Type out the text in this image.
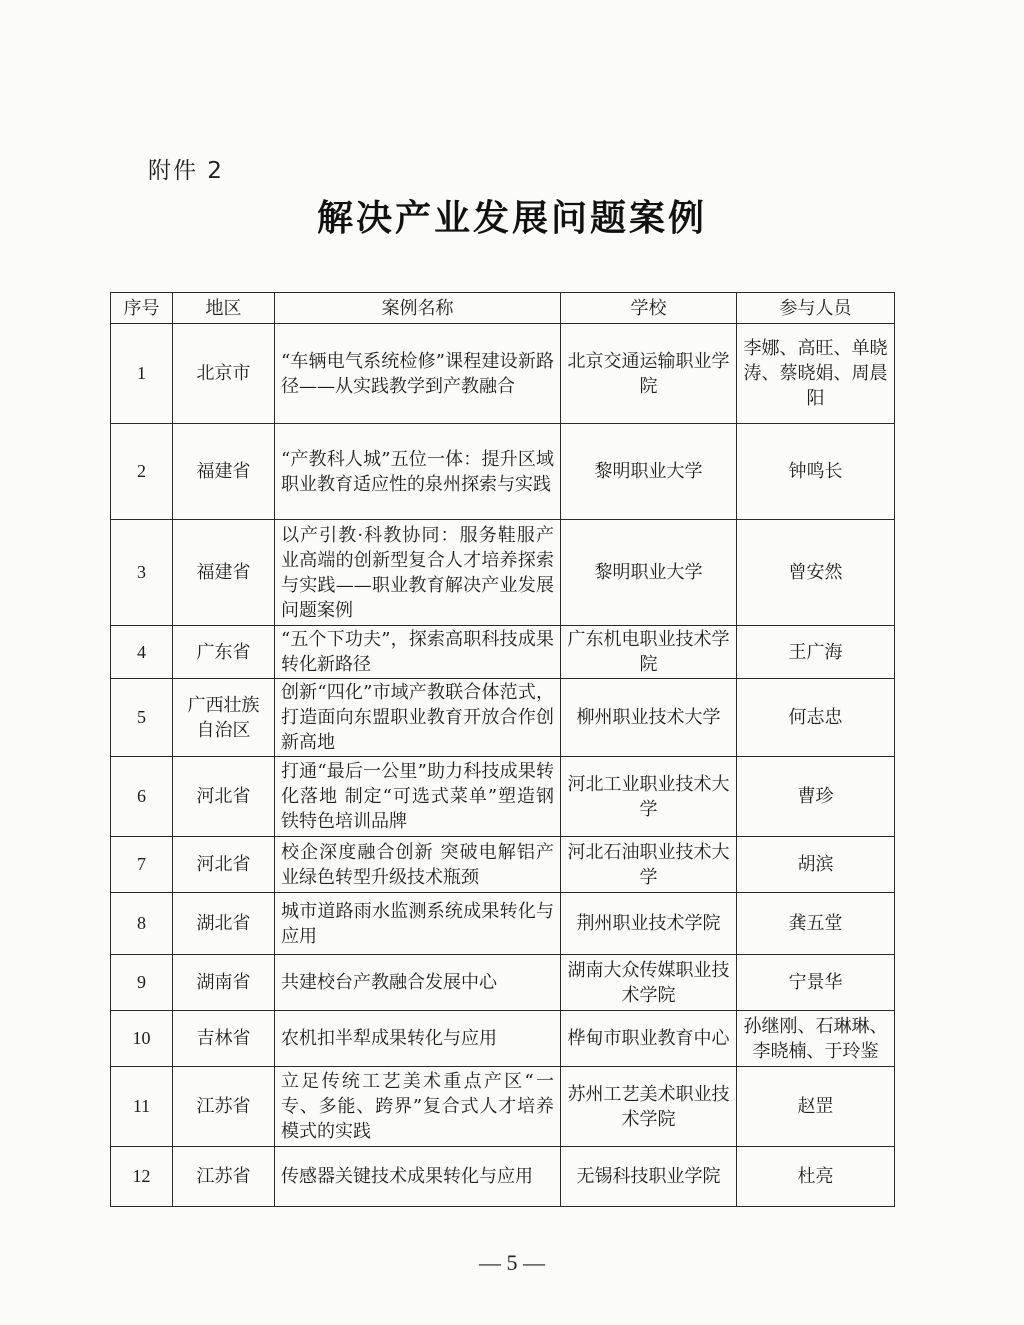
附件 2
解决产业发展问题案例
序号	地区	案例名称	学校	参与人员
1	北京市	“车辆电气系统检修”课程建设新路径——从实践教学到产教融合	北京交通运输职业学院	李娜、高旺、单晓涛、蔡晓娟、周晨阳
2	福建省	“产教科人城”五位一体：提升区域职业教育适应性的泉州探索与实践	黎明职业大学	钟鸣长
3	福建省	以产引教·科教协同：服务鞋服产业高端的创新型复合人才培养探索与实践——职业教育解决产业发展问题案例	黎明职业大学	曾安然
4	广东省	“五个下功夫”，探索高职科技成果转化新路径	广东机电职业技术学院	王广海
5	广西壮族自治区	创新“四化”市域产教联合体范式，打造面向东盟职业教育开放合作创新高地	柳州职业技术大学	何志忠
6	河北省	打通“最后一公里”助力科技成果转化落地 制定“可选式菜单”塑造钢铁特色培训品牌	河北工业职业技术大学	曹珍
7	河北省	校企深度融合创新 突破电解铝产业绿色转型升级技术瓶颈	河北石油职业技术大学	胡滨
8	湖北省	城市道路雨水监测系统成果转化与应用	荆州职业技术学院	龚五堂
9	湖南省	共建校台产教融合发展中心	湖南大众传媒职业技术学院	宁景华
10	吉林省	农机扣半犁成果转化与应用	桦甸市职业教育中心	孙继刚、石琳琳、李晓楠、于玲鉴
11	江苏省	立足传统工艺美术重点产区“一专、多能、跨界”复合式人才培养模式的实践	苏州工艺美术职业技术学院	赵罡
12	江苏省	传感器关键技术成果转化与应用	无锡科技职业学院	杜亮
— 5 —
